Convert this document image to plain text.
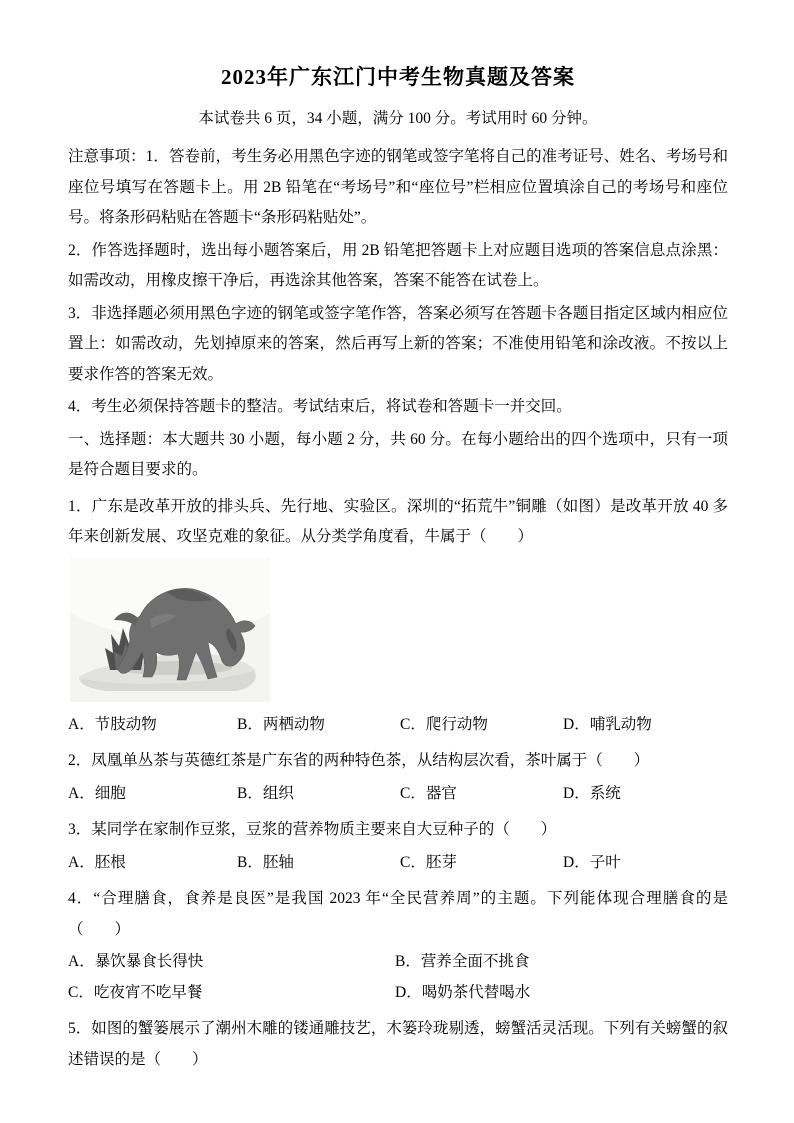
2023年广东江门中考生物真题及答案

本试卷共 6 页，34 小题，满分 100 分。考试用时 60 分钟。

注意事项：1．答卷前，考生务必用黑色字迹的钢笔或签字笔将自己的准考证号、姓名、考场号和座位号填写在答题卡上。用 2B 铅笔在“考场号”和“座位号”栏相应位置填涂自己的考场号和座位号。将条形码粘贴在答题卡“条形码粘贴处”。

2．作答选择题时，选出每小题答案后，用 2B 铅笔把答题卡上对应题目选项的答案信息点涂黑：如需改动，用橡皮擦干净后，再选涂其他答案，答案不能答在试卷上。

3．非选择题必须用黑色字迹的钢笔或签字笔作答，答案必须写在答题卡各题目指定区域内相应位置上：如需改动，先划掉原来的答案，然后再写上新的答案；不准使用铅笔和涂改液。不按以上要求作答的答案无效。

4．考生必须保持答题卡的整洁。考试结束后，将试卷和答题卡一并交回。

一、选择题：本大题共 30 小题，每小题 2 分，共 60 分。在每小题给出的四个选项中，只有一项是符合题目要求的。

1．广东是改革开放的排头兵、先行地、实验区。深圳的“拓荒牛”铜雕（如图）是改革开放 40 多年来创新发展、攻坚克难的象征。从分类学角度看，牛属于（　　）

A．节肢动物	B．两栖动物	C．爬行动物	D．哺乳动物

2．凤凰单丛茶与英德红茶是广东省的两种特色茶，从结构层次看，茶叶属于（　　）

A．细胞	B．组织	C．器官	D．系统

3．某同学在家制作豆浆，豆浆的营养物质主要来自大豆种子的（　　）

A．胚根	B．胚轴	C．胚芽	D．子叶

4．“合理膳食，食养是良医”是我国 2023 年“全民营养周”的主题。下列能体现合理膳食的是（　　）

A．暴饮暴食长得快	B．营养全面不挑食
C．吃夜宵不吃早餐	D．喝奶茶代替喝水

5．如图的蟹篓展示了潮州木雕的镂通雕技艺，木篓玲珑剔透，螃蟹活灵活现。下列有关螃蟹的叙述错误的是（　　）
